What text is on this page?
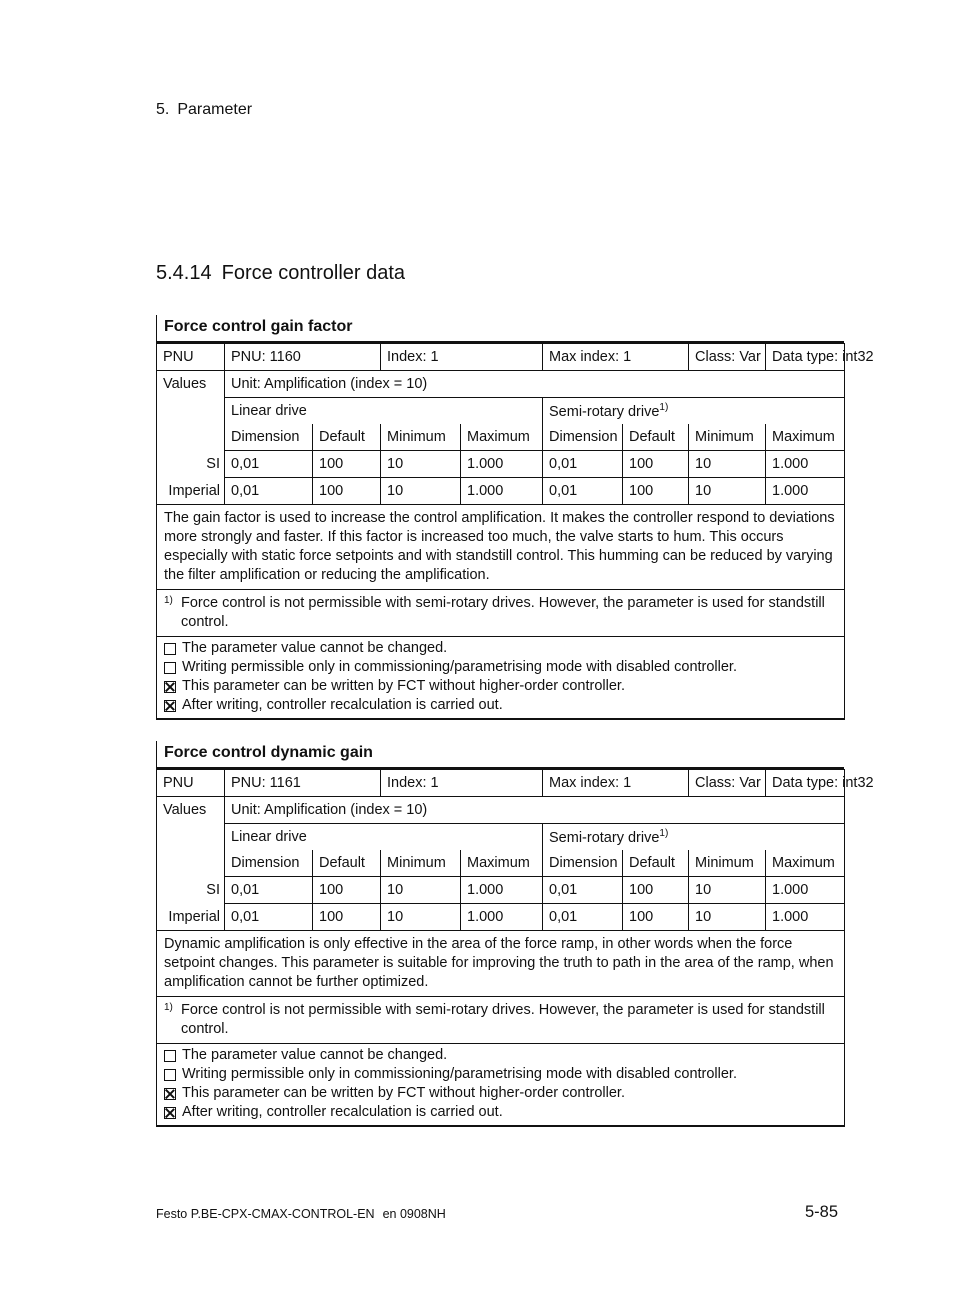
5. Parameter
5.4.14 Force controller data
Force control gain factor
PNU	PNU: 1160		Index: 1		Max index: 1		Class: Var	Data type: int32
Values	Unit: Amplification (index = 10)							
	Linear drive				Semi-rotary drive$^{1)}$
	Dimension	Default	Minimum	Maximum	Dimension	Default	Minimum	Maximum
SI	0,01	100	10	1.000	0,01	100	10	1.000
Imperial	0,01	100	10	1.000	0,01	100	10	1.000
The gain factor is used to increase the control amplification. It makes the controller respond to deviations more strongly and faster. If this factor is increased too much, the valve starts to hum. This occurs especially with static force setpoints and with standstill control. This humming can be reduced by varying the filter amplification or reducing the amplification.								

1) Force control is not permissible with semi-rotary drives. However, the parameter is used for standstill control.								

The parameter value cannot be changed.
Writing permissible only in commissioning/parametrising mode with disabled controller.
This parameter can be written by FCT without higher-order controller.
After writing, controller recalculation is carried out.								
Force control dynamic gain
PNU	PNU: 1161		Index: 1		Max index: 1		Class: Var	Data type: int32
Values	Unit: Amplification (index = 10)							
	Linear drive				Semi-rotary drive$^{1)}$
	Dimension	Default	Minimum	Maximum	Dimension	Default	Minimum	Maximum
SI	0,01	100	10	1.000	0,01	100	10	1.000
Imperial	0,01	100	10	1.000	0,01	100	10	1.000
Dynamic amplification is only effective in the area of the force ramp, in other words when the force setpoint changes. This parameter is suitable for improving the truth to path in the area of the ramp, when amplification cannot be further optimized.								

1) Force control is not permissible with semi-rotary drives. However, the parameter is used for standstill control.								

The parameter value cannot be changed.
Writing permissible only in commissioning/parametrising mode with disabled controller.
This parameter can be written by FCT without higher-order controller.
After writing, controller recalculation is carried out.								
Festo P.BE-CPX-CMAX-CONTROL-EN en 0908NH	5-85
